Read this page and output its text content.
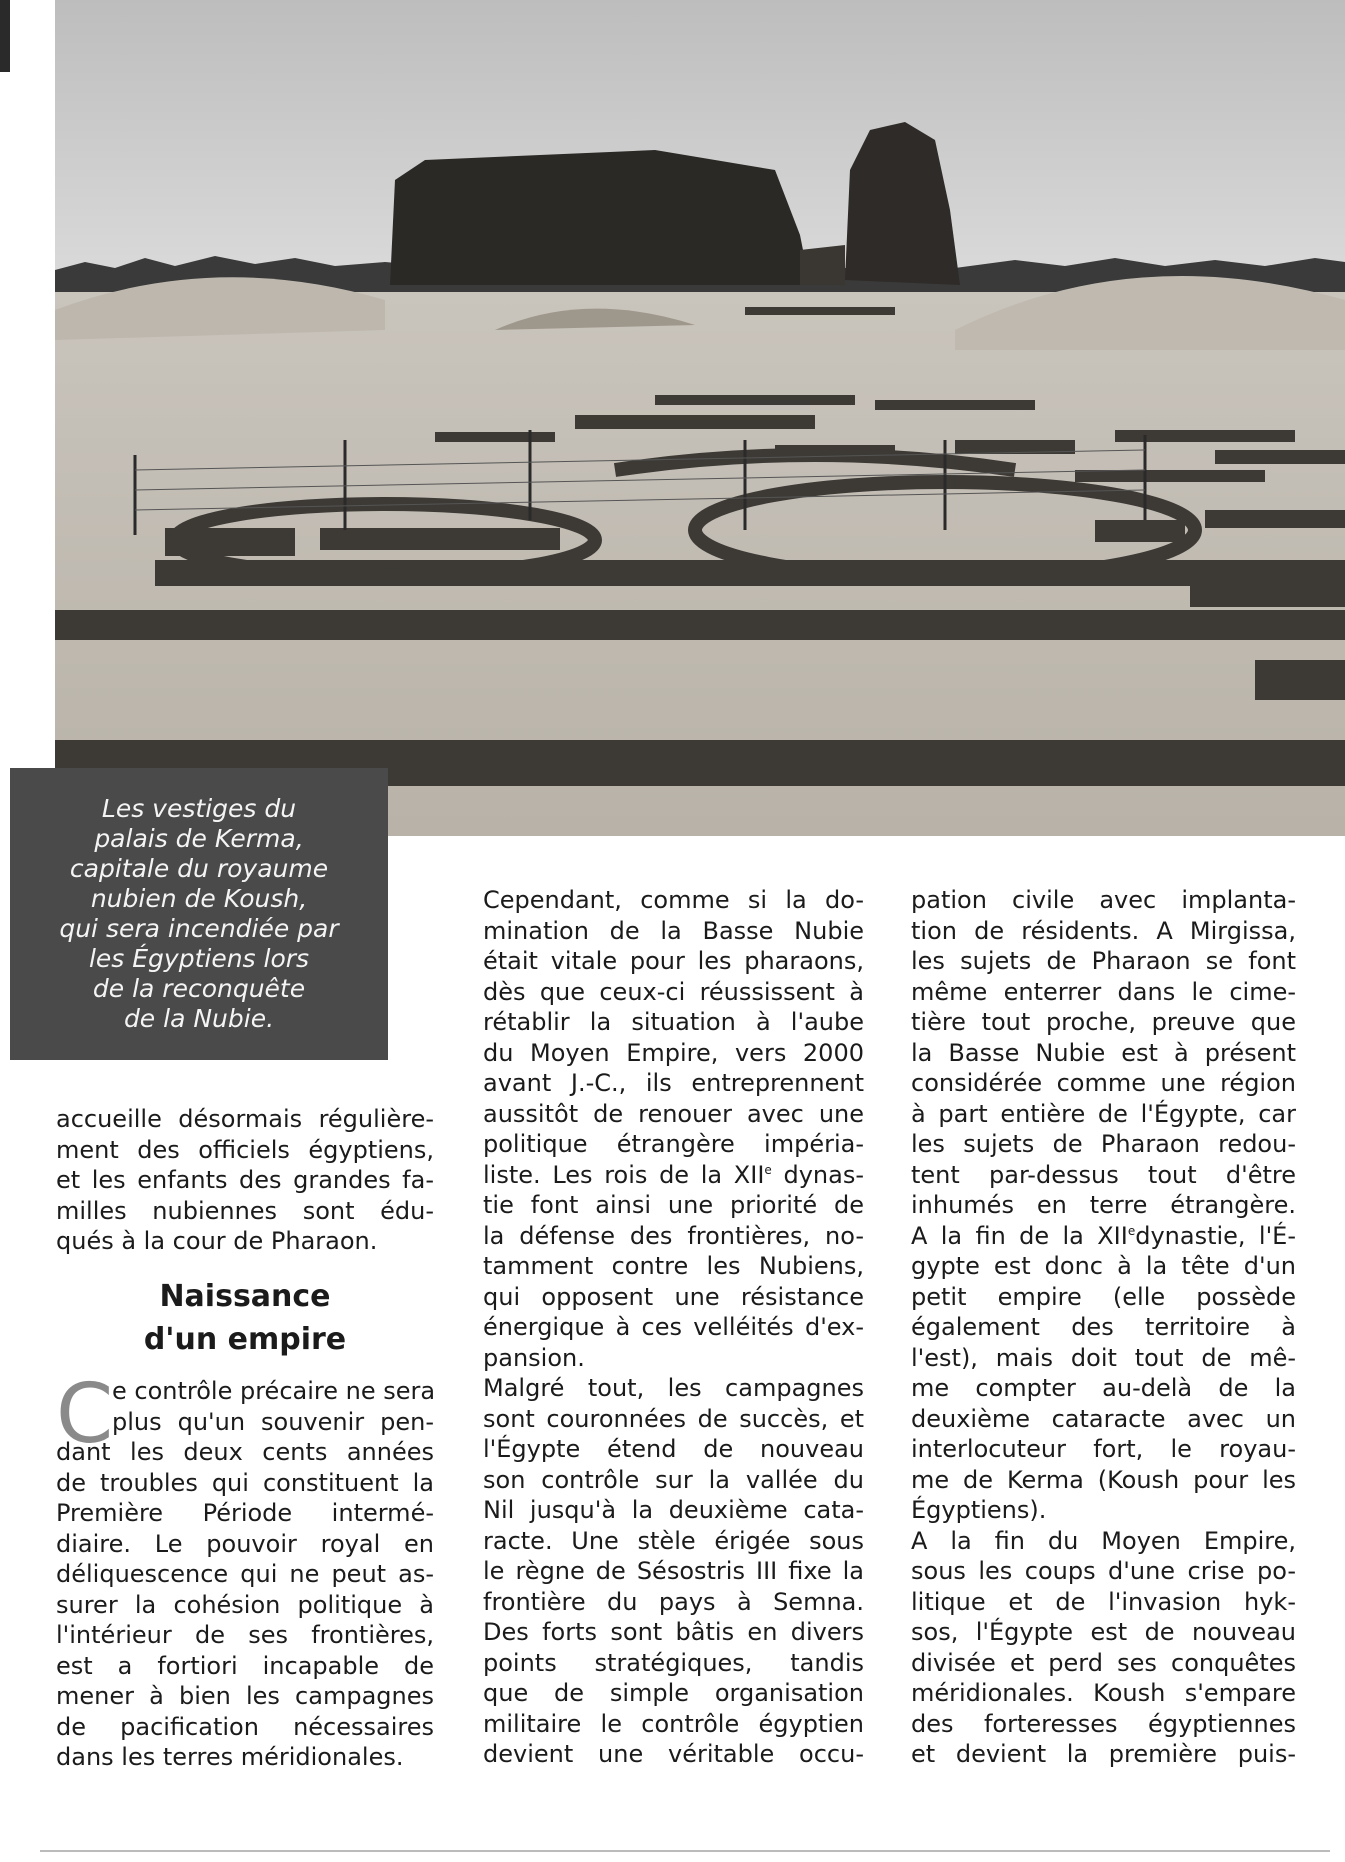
Les vestiges du
palais de Kerma,
capitale du royaume
nubien de Koush,
qui sera incendiée par
les Égyptiens lors
de la reconquête
de la Nubie.
accueille désormais régulière-
ment des officiels égyptiens,
et les enfants des grandes fa-
milles nubiennes sont édu-
qués à la cour de Pharaon.
Naissance
d'un empire
C
e contrôle précaire ne sera
plus qu'un souvenir pen-
dant les deux cents années
de troubles qui constituent la
Première Période intermé-
diaire. Le pouvoir royal en
déliquescence qui ne peut as-
surer la cohésion politique à
l'intérieur de ses frontières,
est a fortiori incapable de
mener à bien les campagnes
de pacification nécessaires
dans les terres méridionales.
Cependant, comme si la do-
mination de la Basse Nubie
était vitale pour les pharaons,
dès que ceux-ci réussissent à
rétablir la situation à l'aube
du Moyen Empire, vers 2000
avant J.-C., ils entreprennent
aussitôt de renouer avec une
politique étrangère impéria-
liste. Les rois de la XIIe dynas-
tie font ainsi une priorité de
la défense des frontières, no-
tamment contre les Nubiens,
qui opposent une résistance
énergique à ces velléités d'ex-
pansion.
Malgré tout, les campagnes
sont couronnées de succès, et
l'Égypte étend de nouveau
son contrôle sur la vallée du
Nil jusqu'à la deuxième cata-
racte. Une stèle érigée sous
le règne de Sésostris III fixe la
frontière du pays à Semna.
Des forts sont bâtis en divers
points stratégiques, tandis
que de simple organisation
militaire le contrôle égyptien
devient une véritable occu-
pation civile avec implanta-
tion de résidents. A Mirgissa,
les sujets de Pharaon se font
même enterrer dans le cime-
tière tout proche, preuve que
la Basse Nubie est à présent
considérée comme une région
à part entière de l'Égypte, car
les sujets de Pharaon redou-
tent par-dessus tout d'être
inhumés en terre étrangère.
A la fin de la XIIedynastie, l'É-
gypte est donc à la tête d'un
petit empire (elle possède
également des territoire à
l'est), mais doit tout de mê-
me compter au-delà de la
deuxième cataracte avec un
interlocuteur fort, le royau-
me de Kerma (Koush pour les
Égyptiens).
A la fin du Moyen Empire,
sous les coups d'une crise po-
litique et de l'invasion hyk-
sos, l'Égypte est de nouveau
divisée et perd ses conquêtes
méridionales. Koush s'empare
des forteresses égyptiennes
et devient la première puis-
